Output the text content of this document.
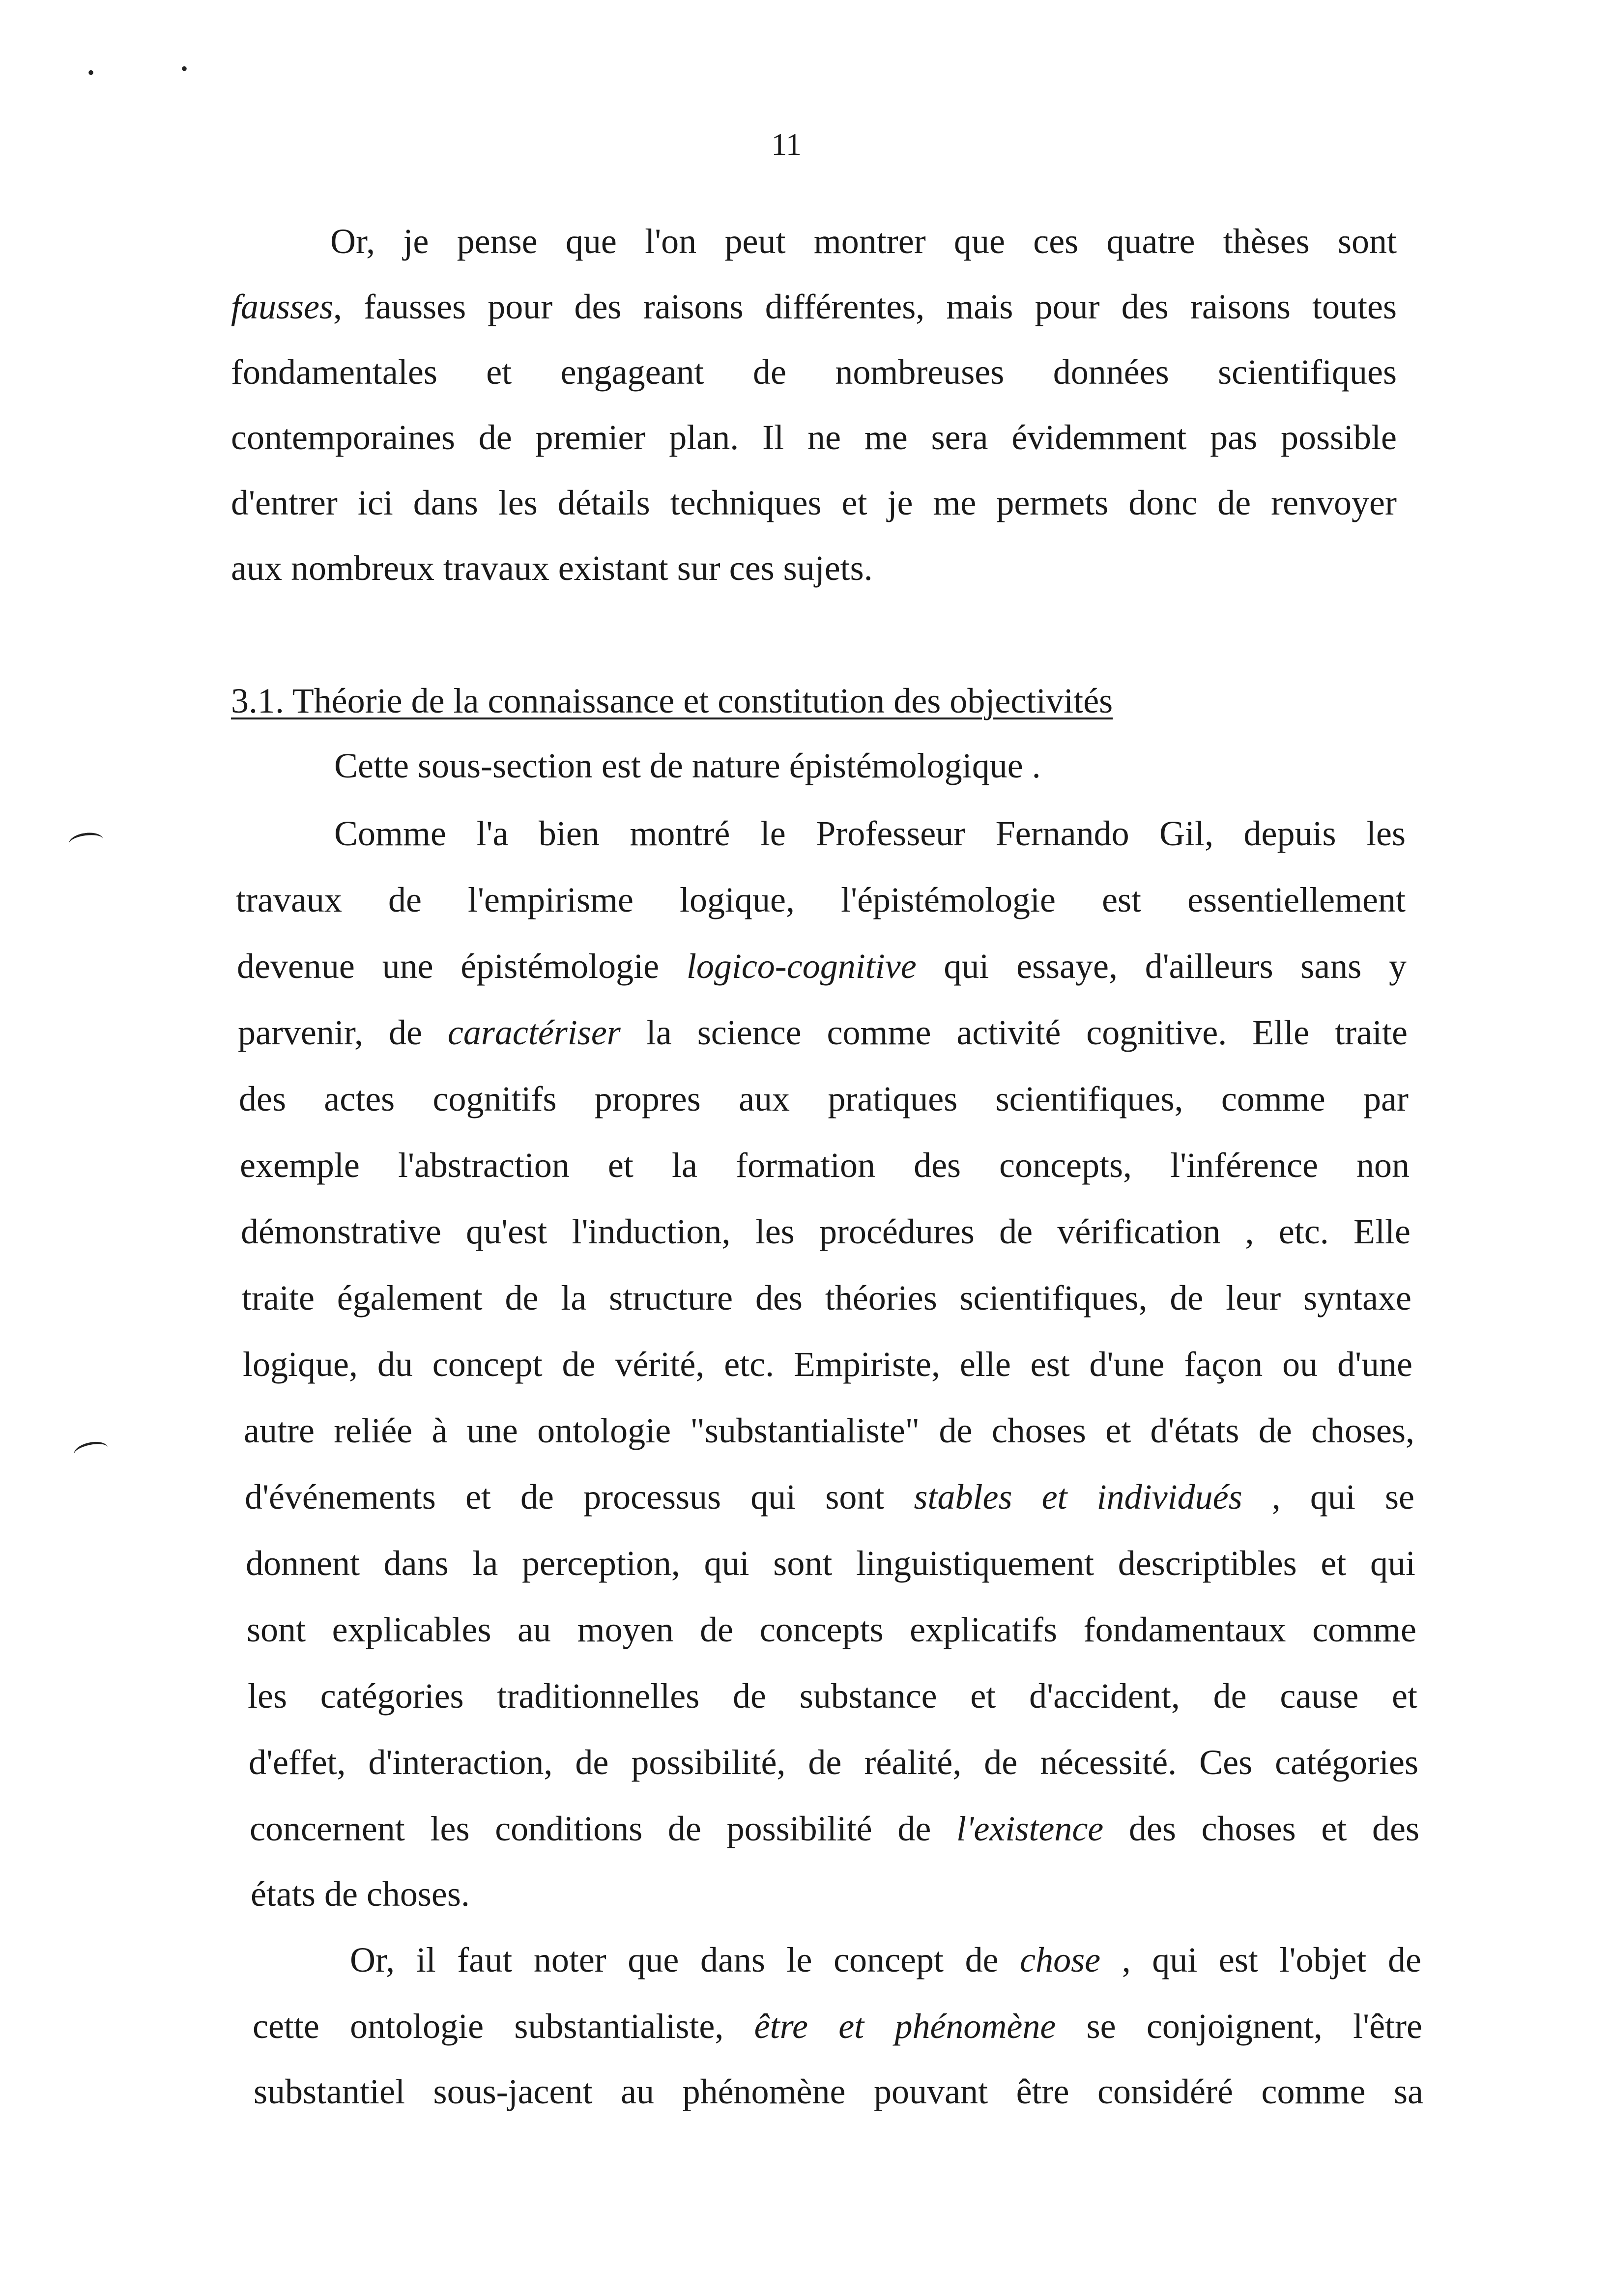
•	•
11
Or, je pense que l'on peut montrer que ces quatre thèses sont
fausses, fausses pour des raisons différentes, mais pour des raisons toutes
fondamentales et engageant de nombreuses données scientifiques
contemporaines de premier plan. Il ne me sera évidemment pas possible
d'entrer ici dans les détails techniques et je me permets donc de renvoyer
aux nombreux travaux existant sur ces sujets.
3.1. Théorie de la connaissance et constitution des objectivités
Cette sous-section est de nature épistémologique .
Comme l'a bien montré le Professeur Fernando Gil, depuis les
travaux de l'empirisme logique, l'épistémologie est essentiellement
devenue une épistémologie logico-cognitive qui essaye, d'ailleurs sans y
parvenir, de caractériser la science comme activité cognitive. Elle traite
des actes cognitifs propres aux pratiques scientifiques, comme par
exemple l'abstraction et la formation des concepts, l'inférence non
démonstrative qu'est l'induction, les procédures de vérification , etc. Elle
traite également de la structure des théories scientifiques, de leur syntaxe
logique, du concept de vérité, etc. Empiriste, elle est d'une façon ou d'une
autre reliée à une ontologie "substantialiste" de choses et d'états de choses,
d'événements et de processus qui sont stables et individués , qui se
donnent dans la perception, qui sont linguistiquement descriptibles et qui
sont explicables au moyen de concepts explicatifs fondamentaux comme
les catégories traditionnelles de substance et d'accident, de cause et
d'effet, d'interaction, de possibilité, de réalité, de nécessité. Ces catégories
concernent les conditions de possibilité de l'existence des choses et des
états de choses.
Or, il faut noter que dans le concept de chose , qui est l'objet de
cette ontologie substantialiste, être et phénomène se conjoignent, l'être
substantiel sous-jacent au phénomène pouvant être considéré comme sa
